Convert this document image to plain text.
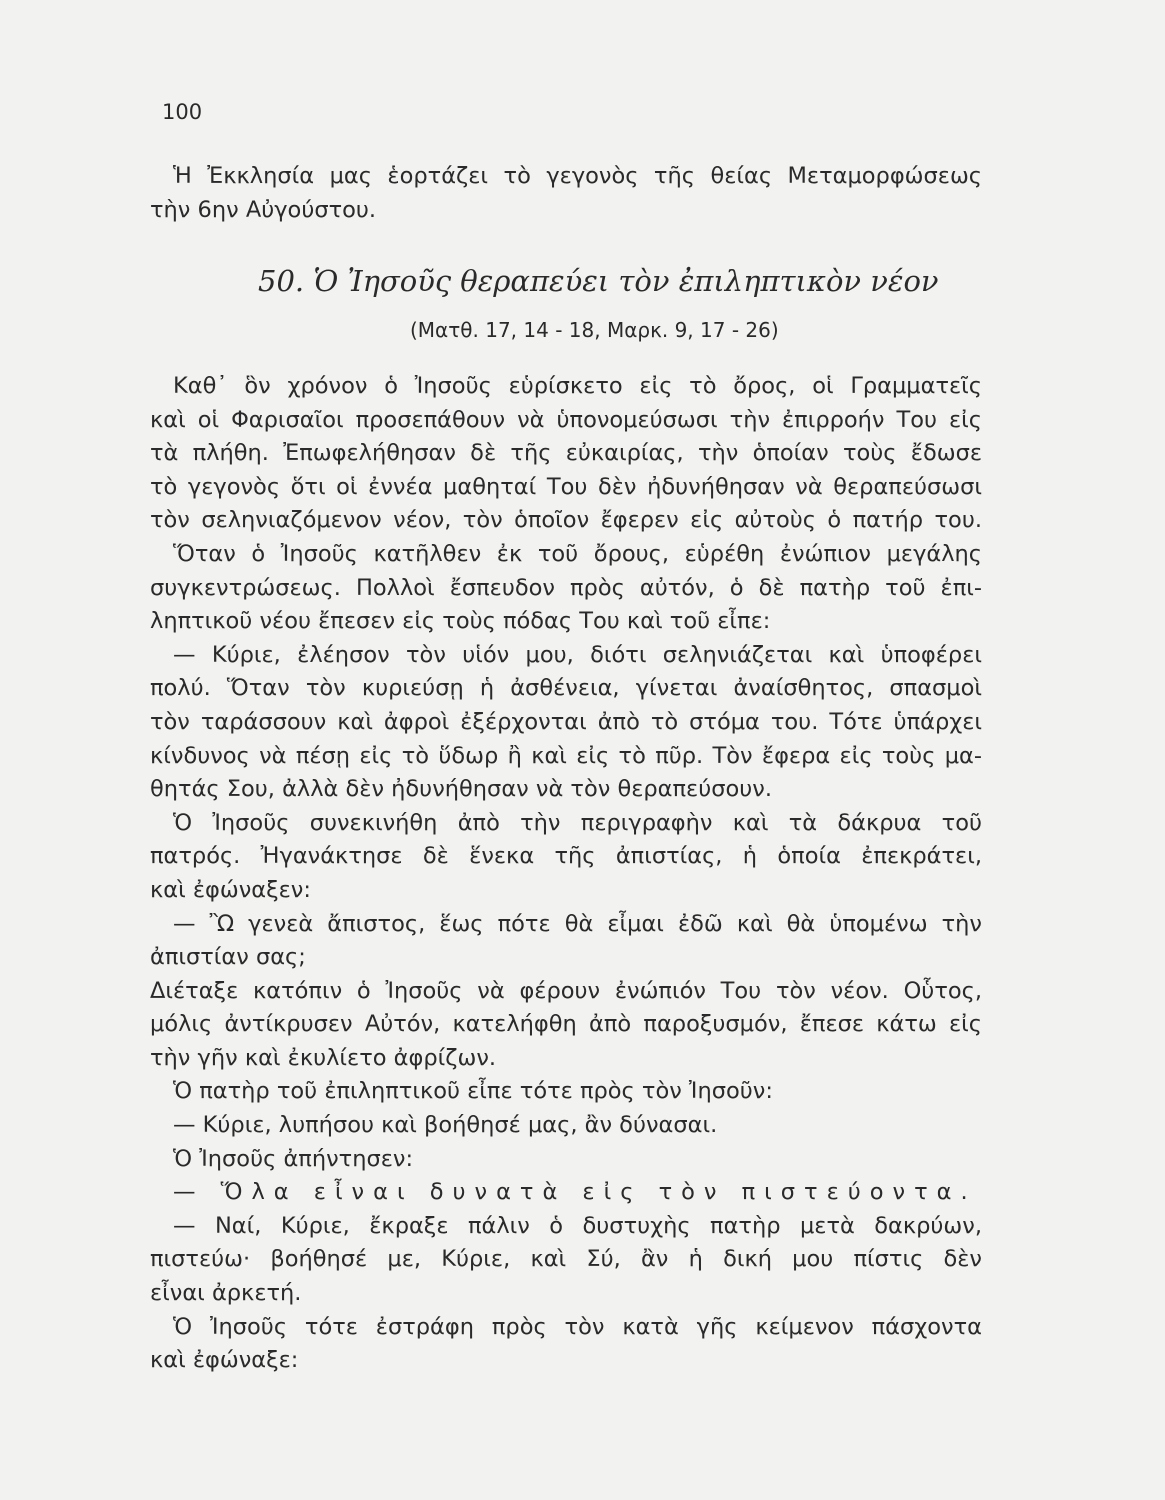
100
Ἡ Ἐκκλησία μας ἑορτάζει τὸ γεγονὸς τῆς θείας Μεταμορφώσεως
τὴν 6ην Αὐγούστου.
50. Ὁ Ἰησοῦς θεραπεύει τὸν ἐπιληπτικὸν νέον
(Ματθ. 17, 14 - 18, Μαρκ. 9, 17 - 26)
Καθ᾽ ὃν χρόνον ὁ Ἰησοῦς εὑρίσκετο εἰς τὸ ὄρος, οἱ Γραμματεῖς
καὶ οἱ Φαρισαῖοι προσεπάθουν νὰ ὑπονομεύσωσι τὴν ἐπιρροήν Του εἰς
τὰ πλήθη. Ἐπωφελήθησαν δὲ τῆς εὐκαιρίας, τὴν ὁποίαν τοὺς ἔδωσε
τὸ γεγονὸς ὅτι οἱ ἐννέα μαθηταί Του δὲν ἠδυνήθησαν νὰ θεραπεύσωσι
τὸν σεληνιαζόμενον νέον, τὸν ὁποῖον ἔφερεν εἰς αὐτοὺς ὁ πατήρ του.
Ὅταν ὁ Ἰησοῦς κατῆλθεν ἐκ τοῦ ὄρους, εὑρέθη ἐνώπιον μεγάλης
συγκεντρώσεως. Πολλοὶ ἔσπευδον πρὸς αὐτόν, ὁ δὲ πατὴρ τοῦ ἐπι-
ληπτικοῦ νέου ἔπεσεν εἰς τοὺς πόδας Του καὶ τοῦ εἶπε:
— Κύριε, ἐλέησον τὸν υἱόν μου, διότι σεληνιάζεται καὶ ὑποφέρει
πολύ. Ὅταν τὸν κυριεύσῃ ἡ ἀσθένεια, γίνεται ἀναίσθητος, σπασμοὶ
τὸν ταράσσουν καὶ ἀφροὶ ἐξέρχονται ἀπὸ τὸ στόμα του. Τότε ὑπάρχει
κίνδυνος νὰ πέσῃ εἰς τὸ ὕδωρ ἢ καὶ εἰς τὸ πῦρ. Τὸν ἔφερα εἰς τοὺς μα-
θητάς Σου, ἀλλὰ δὲν ἠδυνήθησαν νὰ τὸν θεραπεύσουν.
Ὁ Ἰησοῦς συνεκινήθη ἀπὸ τὴν περιγραφὴν καὶ τὰ δάκρυα τοῦ
πατρός. Ἠγανάκτησε δὲ ἕνεκα τῆς ἀπιστίας, ἡ ὁποία ἐπεκράτει,
καὶ ἐφώναξεν:
— Ὢ γενεὰ ἄπιστος, ἕως πότε θὰ εἶμαι ἐδῶ καὶ θὰ ὑπομένω τὴν
ἀπιστίαν σας;
Διέταξε κατόπιν ὁ Ἰησοῦς νὰ φέρουν ἐνώπιόν Του τὸν νέον. Οὗτος,
μόλις ἀντίκρυσεν Αὐτόν, κατελήφθη ἀπὸ παροξυσμόν, ἔπεσε κάτω εἰς
τὴν γῆν καὶ ἐκυλίετο ἀφρίζων.
Ὁ πατὴρ τοῦ ἐπιληπτικοῦ εἶπε τότε πρὸς τὸν Ἰησοῦν:
— Κύριε, λυπήσου καὶ βοήθησέ μας, ἂν δύνασαι.
Ὁ Ἰησοῦς ἀπήντησεν:
— Ὅλα εἶναι δυνατὰ εἰς τὸν πιστεύοντα.
— Ναί, Κύριε, ἔκραξε πάλιν ὁ δυστυχὴς πατὴρ μετὰ δακρύων,
πιστεύω· βοήθησέ με, Κύριε, καὶ Σύ, ἂν ἡ δική μου πίστις δὲν
εἶναι ἀρκετή.
Ὁ Ἰησοῦς τότε ἐστράφη πρὸς τὸν κατὰ γῆς κείμενον πάσχοντα
καὶ ἐφώναξε:
